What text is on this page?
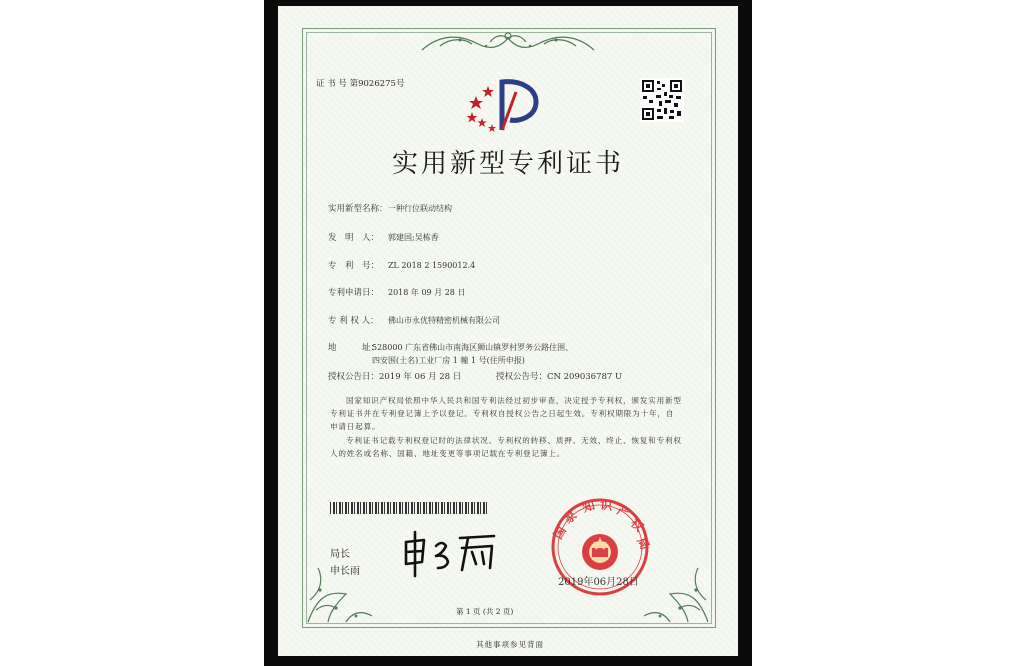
证 书 号 第9026275号
实用新型专利证书
实用新型名称： 一种行位联动结构
发　明　人： 郭建国;吴栋香
专　利　号： ZL 2018 2 1590012.4
专利申请日： 2018 年 09 月 28 日
专 利 权 人： 佛山市永优特精密机械有限公司
地　　　址：
528000 广东省佛山市南海区狮山镇罗村罗务公路住围、
四安围(土名)工业厂房 1 幢 1 号(住所申报)
授权公告日：2019 年 06 月 28 日	授权公告号：CN 209036787 U
国家知识产权局依照中华人民共和国专利法经过初步审查，决定授予专利权，颁发实用新型专利证书并在专利登记簿上予以登记。专利权自授权公告之日起生效。专利权期限为十年，自申请日起算。
专利证书记载专利权登记时的法律状况。专利权的转移、质押、无效、终止、恢复和专利权人的姓名或名称、国籍、地址变更等事项记载在专利登记簿上。
局长
申长雨
国
家
知 识 产
权
局
2019年06月28日
第 1 页 (共 2 页)
其他事项参见背面
